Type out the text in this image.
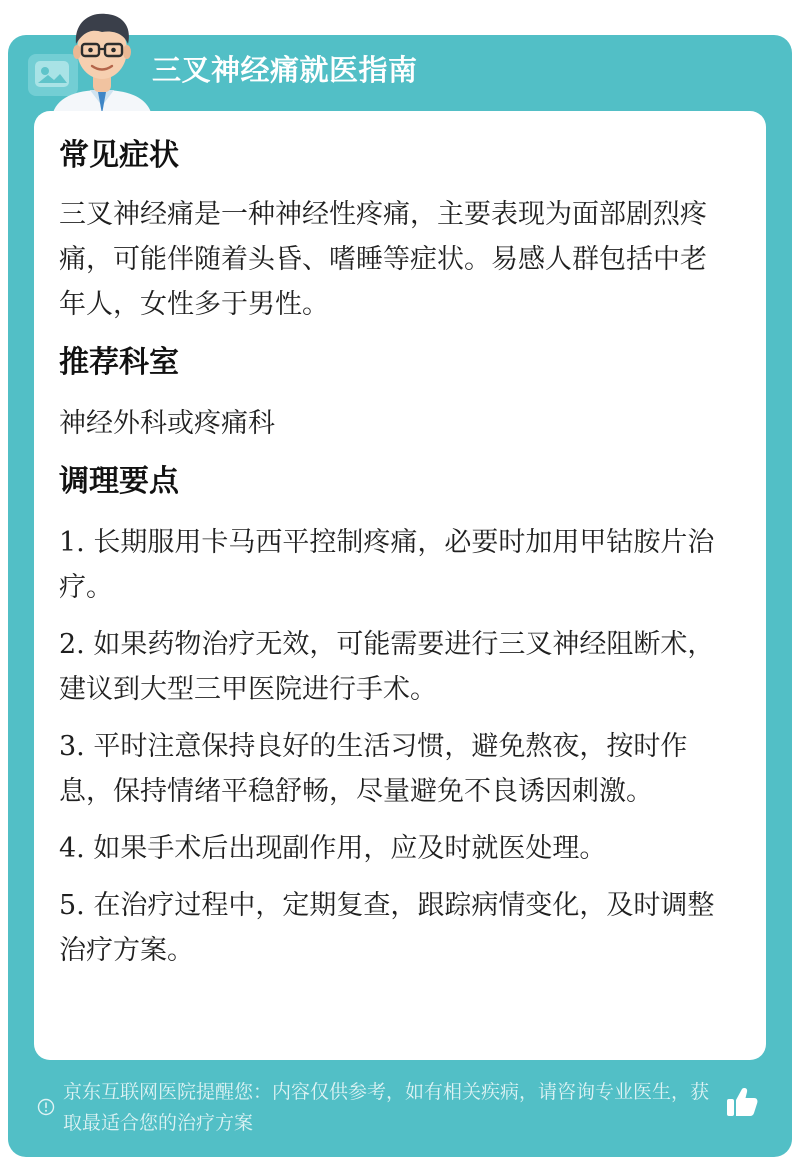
三叉神经痛就医指南
常见症状

三叉神经痛是一种神经性疼痛，主要表现为面部剧烈疼痛，可能伴随着头昏、嗜睡等症状。易感人群包括中老年人，女性多于男性。

推荐科室

神经外科或疼痛科

调理要点

1. 长期服用卡马西平控制疼痛，必要时加用甲钴胺片治疗。

2. 如果药物治疗无效，可能需要进行三叉神经阻断术，建议到大型三甲医院进行手术。

3. 平时注意保持良好的生活习惯，避免熬夜，按时作息，保持情绪平稳舒畅，尽量避免不良诱因刺激。

4. 如果手术后出现副作用，应及时就医处理。

5. 在治疗过程中，定期复查，跟踪病情变化，及时调整治疗方案。

京东互联网医院提醒您：内容仅供参考，如有相关疾病，请咨询专业医生，获取最适合您的治疗方案
